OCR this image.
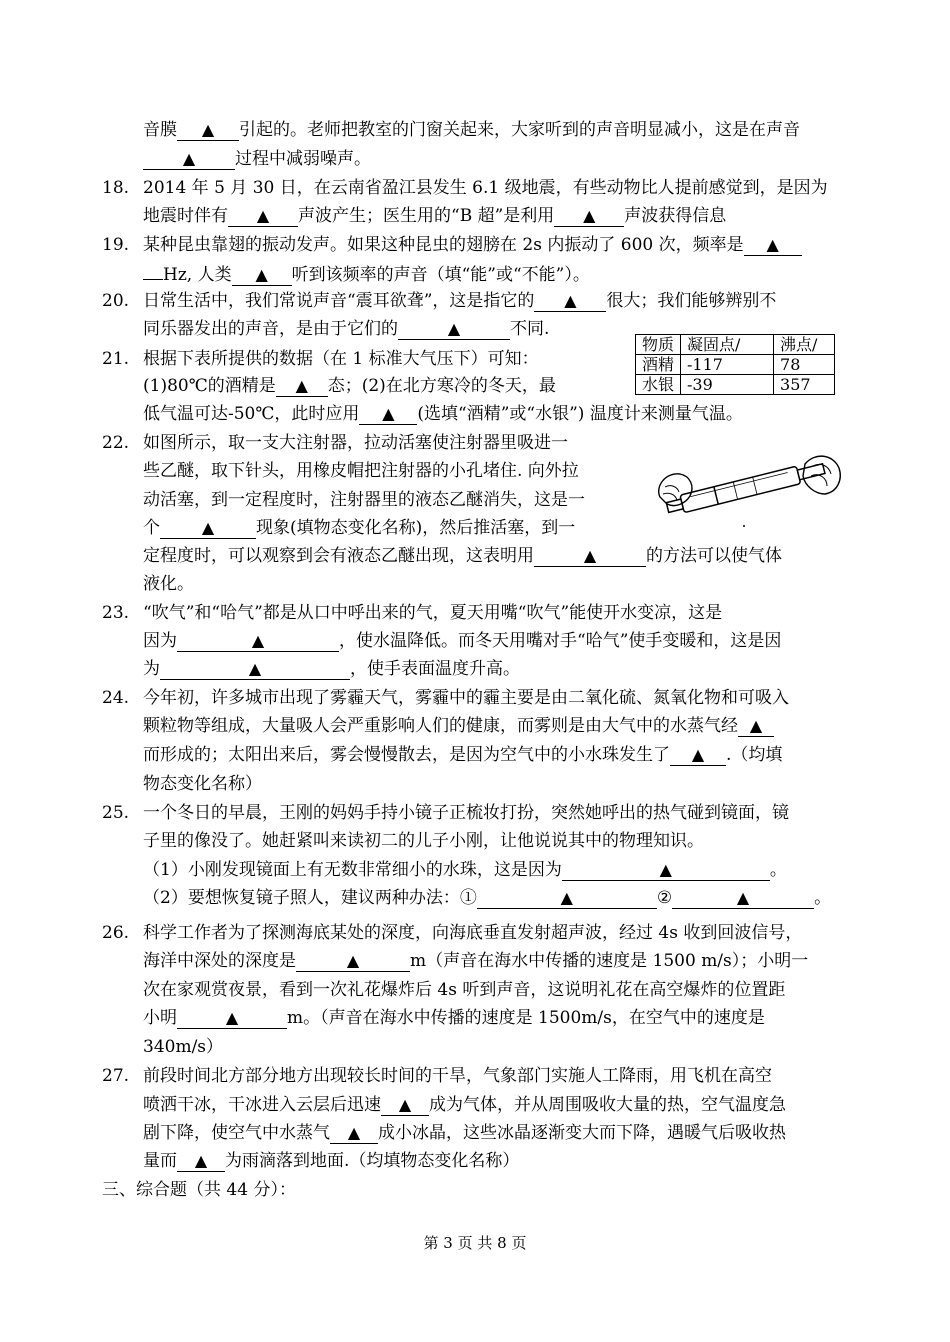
音膜 ▲ 引起的。老师把教室的门窗关起来，大家听到的声音明显减小，这是在声音
▲ 过程中减弱噪声。
18. 2014 年 5 月 30 日，在云南省盈江县发生 6.1 级地震，有些动物比人提前感觉到，是因为
地震时伴有 ▲ 声波产生；医生用的“B 超”是利用 ▲ 声波获得信息
19. 某种昆虫靠翅的振动发声。如果这种昆虫的翅膀在 2s 内振动了 600 次，频率是 ▲
Hz, 人类 ▲ 听到该频率的声音（填“能”或“不能”）。
20. 日常生活中，我们常说声音“震耳欲聋”，这是指它的 ▲ 很大；我们能够辨别不
同乐器发出的声音，是由于它们的	▲	不同.
21. 根据下表所提供的数据（在 1 标准大气压下）可知：
(1)80℃的酒精是 ▲ 态；(2)在北方寒冷的冬天，最
低气温可达-50℃，此时应用 ▲ (选填“酒精”或“水银”) 温度计来测量气温。
物质	凝固点/	沸点/
酒精	-117	78
水银	-39	357
22. 如图所示，取一支大注射器，拉动活塞使注射器里吸进一
些乙醚，取下针头，用橡皮帽把注射器的小孔堵住. 向外拉
动活塞，到一定程度时，注射器里的液态乙醚消失，这是一
个	▲ 现象(填物态变化名称)，然后推活塞，到一
定程度时，可以观察到会有液态乙醚出现，这表明用	▲	的方法可以使气体
液化。
23. “吹气”和“哈气”都是从口中呼出来的气，夏天用嘴“吹气”能使开水变凉，这是
因为	▲	，使水温降低。而冬天用嘴对手“哈气”使手变暖和，这是因
为	▲	，使手表面温度升高。
24. 今年初，许多城市出现了雾霾天气，雾霾中的霾主要是由二氧化硫、氮氧化物和可吸入
颗粒物等组成，大量吸人会严重影响人们的健康，而雾则是由大气中的水蒸气经 ▲
而形成的；太阳出来后，雾会慢慢散去，是因为空气中的小水珠发生了 ▲ .（均填
物态变化名称）
25. 一个冬日的早晨，王刚的妈妈手持小镜子正梳妆打扮，突然她呼出的热气碰到镜面，镜
子里的像没了。她赶紧叫来读初二的儿子小刚，让他说说其中的物理知识。
（1）小刚发现镜面上有无数非常细小的水珠，这是因为	▲	。
（2）要想恢复镜子照人，建议两种办法：①	▲	②	▲	。
26. 科学工作者为了探测海底某处的深度，向海底垂直发射超声波，经过 4s 收到回波信号，
海洋中深处的深度是	▲	m（声音在海水中传播的速度是 1500 m/s）；小明一
次在家观赏夜景，看到一次礼花爆炸后 4s 听到声音，这说明礼花在高空爆炸的位置距
小明	▲	m。（声音在海水中传播的速度是 1500m/s，在空气中的速度是
340m/s）
27. 前段时间北方部分地方出现较长时间的干旱，气象部门实施人工降雨，用飞机在高空
喷洒干冰，干冰进入云层后迅速 ▲ 成为气体，并从周围吸收大量的热，空气温度急
剧下降，使空气中水蒸气 ▲ 成小冰晶，这些冰晶逐渐变大而下降，遇暖气后吸收热
量而 ▲ 为雨滴落到地面.（均填物态变化名称）
三、综合题（共 44 分）：
第 3 页 共 8 页
